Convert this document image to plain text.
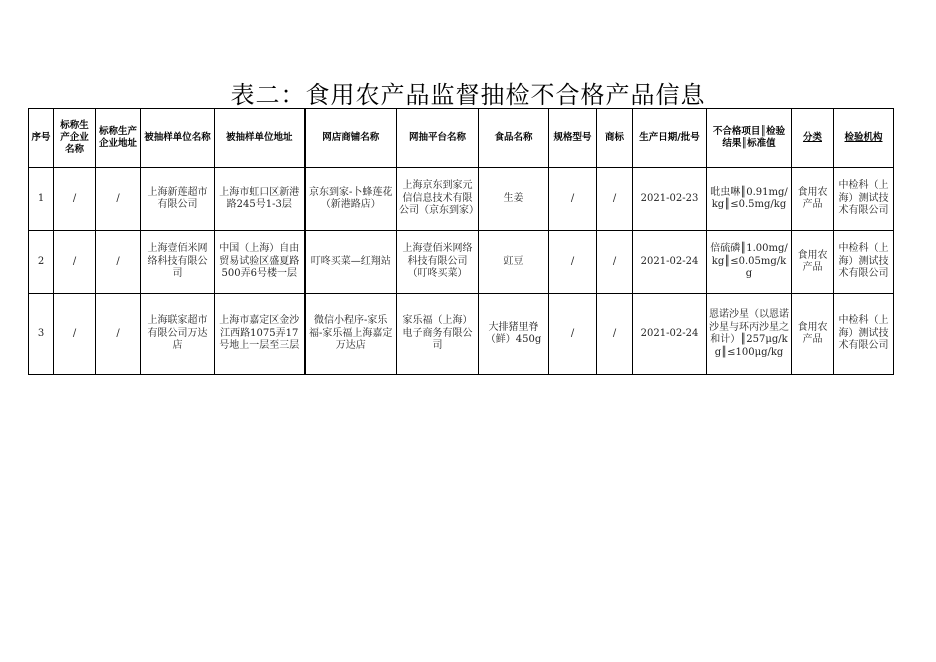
表二：食用农产品监督抽检不合格产品信息
序号	标称生产企业名称	标称生产企业地址	被抽样单位名称	被抽样单位地址	网店商铺名称	网抽平台名称	食品名称	规格型号	商标	生产日期/批号	不合格项目║检验结果║标准值	分类	检验机构
1	/	/	上海新莲超市有限公司	上海市虹口区新港路245号1-3层	京东到家-卜蜂莲花（新港路店）	上海京东到家元信信息技术有限公司（京东到家）	生姜	/	/	2021-02-23	吡虫啉║0.91mg/kg║≤0.5mg/kg	食用农产品	中检科（上海）测试技术有限公司
2	/	/	上海壹佰米网络科技有限公司	中国（上海）自由贸易试验区盛夏路500弄6号楼一层	叮咚买菜—红翔站	上海壹佰米网络科技有限公司（叮咚买菜）	豇豆	/	/	2021-02-24	倍硫磷║1.00mg/kg║≤0.05mg/kg	食用农产品	中检科（上海）测试技术有限公司
3	/	/	上海联家超市有限公司万达店	上海市嘉定区金沙江西路1075弄17号地上一层至三层	微信小程序-家乐福-家乐福上海嘉定万达店	家乐福（上海）电子商务有限公司	大排猪里脊（鲜）450g	/	/	2021-02-24	恩诺沙星（以恩诺沙星与环丙沙星之和计）║257μg/kg║≤100μg/kg	食用农产品	中检科（上海）测试技术有限公司
